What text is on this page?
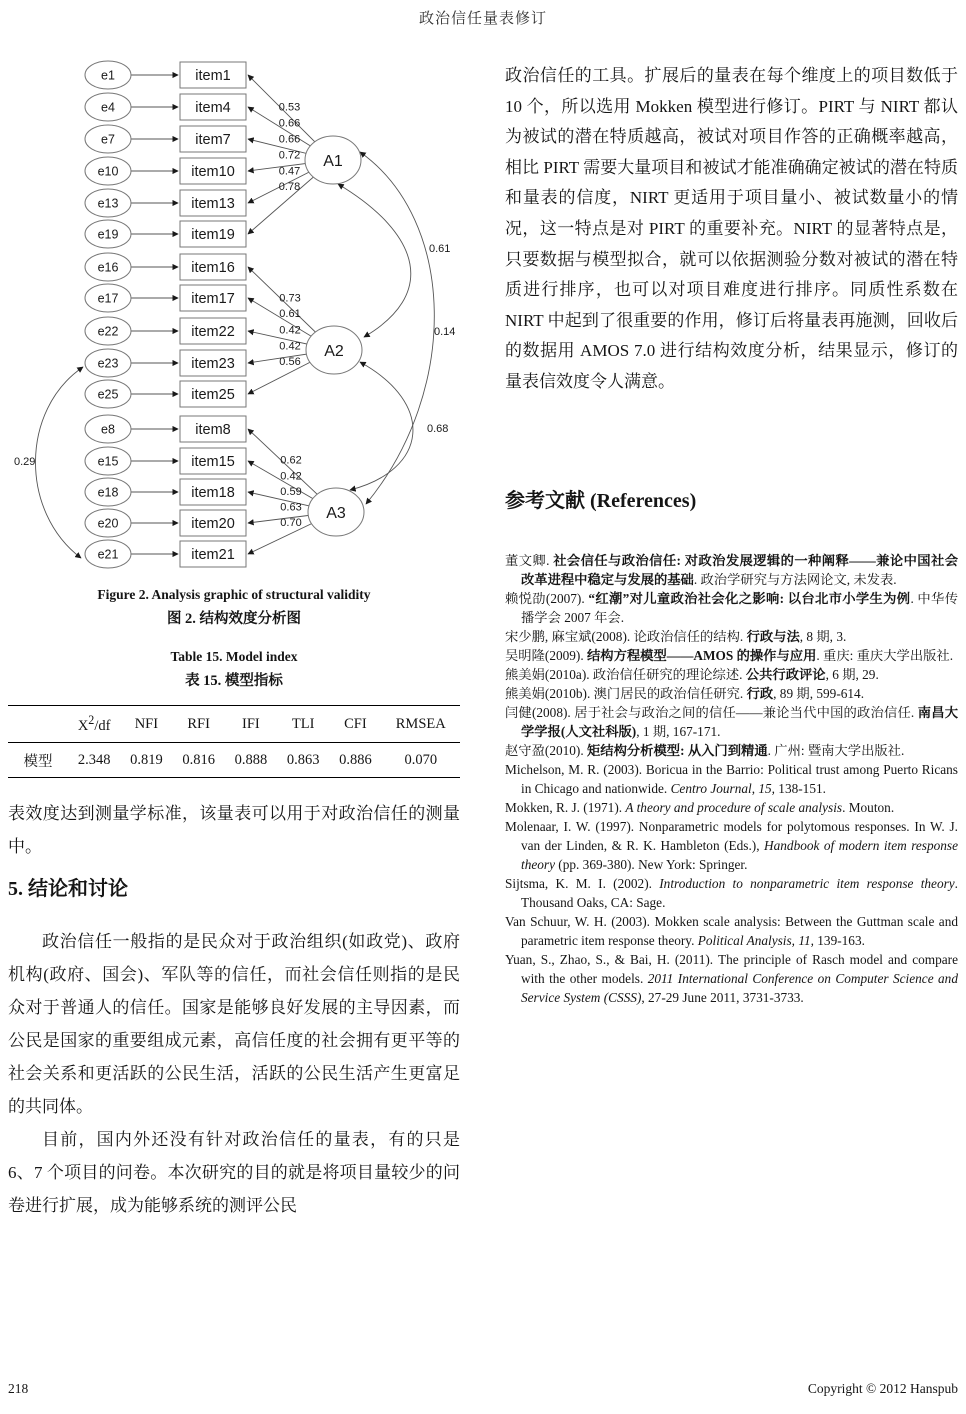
政治信任量表修订
0.61
0.14
0.68
0.29
e1	item1
0.53
e4	item4
0.66
e7	item7	0.66
e10	item10
0.72
e13	item13
0.47
e19	item19
0.78
A1
e16	item16
0.73
e17	item17
0.61
e22	item22	0.42
e23	item23
0.42
e25	item25
0.56
A2
e8	item8
0.62
e15	item15
0.42
e18	item18	0.59
e20	item20
0.63
e21	item21
0.70
A3
Figure 2. Analysis graphic of structural validity
图 2. 结构效度分析图
Table 15. Model index
表 15. 模型指标
	$X^2/df$	NFI	RFI	IFI	TLI	CFI	RMSEA
模型	2.348	0.819	0.816	0.888	0.863	0.886	0.070
表效度达到测量学标准，该量表可以用于对政治信任的测量中。
5. 结论和讨论

政治信任一般指的是民众对于政治组织(如政党)、政府机构(政府、国会)、军队等的信任，而社会信任则指的是民众对于普通人的信任。国家是能够良好发展的主导因素，而公民是国家的重要组成元素，高信任度的社会拥有更平等的社会关系和更活跃的公民生活，活跃的公民生活产生更富足的共同体。

目前，国内外还没有针对政治信任的量表，有的只是 6、7 个项目的问卷。本次研究的目的就是将项目量较少的问卷进行扩展，成为能够系统的测评公民

政治信任的工具。扩展后的量表在每个维度上的项目数低于 10 个，所以选用 Mokken 模型进行修订。PIRT 与 NIRT 都认为被试的潜在特质越高，被试对项目作答的正确概率越高，相比 PIRT 需要大量项目和被试才能准确确定被试的潜在特质和量表的信度，NIRT 更适用于项目量小、被试数量小的情况，这一特点是对 PIRT 的重要补充。NIRT 的显著特点是，只要数据与模型拟合，就可以依据测验分数对被试的潜在特质进行排序，也可以对项目难度进行排序。同质性系数在 NIRT 中起到了很重要的作用，修订后将量表再施测，回收后的数据用 AMOS 7.0 进行结构效度分析，结果显示，修订的量表信效度令人满意。
参考文献 (References)

董文卿. 社会信任与政治信任: 对政治发展逻辑的一种阐释——兼论中国社会改革进程中稳定与发展的基础. 政治学研究与方法网论文, 未发表.

赖悦劭(2007). “红潮”对儿童政治社会化之影响: 以台北市小学生为例. 中华传播学会 2007 年会.

宋少鹏, 麻宝斌(2008). 论政治信任的结构. 行政与法, 8 期, 3.

吴明隆(2009). 结构方程模型——AMOS 的操作与应用. 重庆: 重庆大学出版社.

熊美娟(2010a). 政治信任研究的理论综述. 公共行政评论, 6 期, 29.

熊美娟(2010b). 澳门居民的政治信任研究. 行政, 89 期, 599-614.

闫健(2008). 居于社会与政治之间的信任——兼论当代中国的政治信任. 南昌大学学报(人文社科版), 1 期, 167-171.

赵守盈(2010). 矩结构分析模型: 从入门到精通. 广州: 暨南大学出版社.

Michelson, M. R. (2003). Boricua in the Barrio: Political trust among Puerto Ricans in Chicago and nationwide. Centro Journal, 15, 138-151.

Mokken, R. J. (1971). A theory and procedure of scale analysis. Mouton.

Molenaar, I. W. (1997). Nonparametric models for polytomous responses. In W. J. van der Linden, & R. K. Hambleton (Eds.), Handbook of modern item response theory (pp. 369-380). New York: Springer.

Sijtsma, K. M. I. (2002). Introduction to nonparametric item response theory. Thousand Oaks, CA: Sage.

Van Schuur, W. H. (2003). Mokken scale analysis: Between the Guttman scale and parametric item response theory. Political Analysis, 11, 139-163.

Yuan, S., Zhao, S., & Bai, H. (2011). The principle of Rasch model and compare with the other models. 2011 International Conference on Computer Science and Service System (CSSS), 27-29 June 2011, 3731-3733.

218	Copyright © 2012 Hanspub
